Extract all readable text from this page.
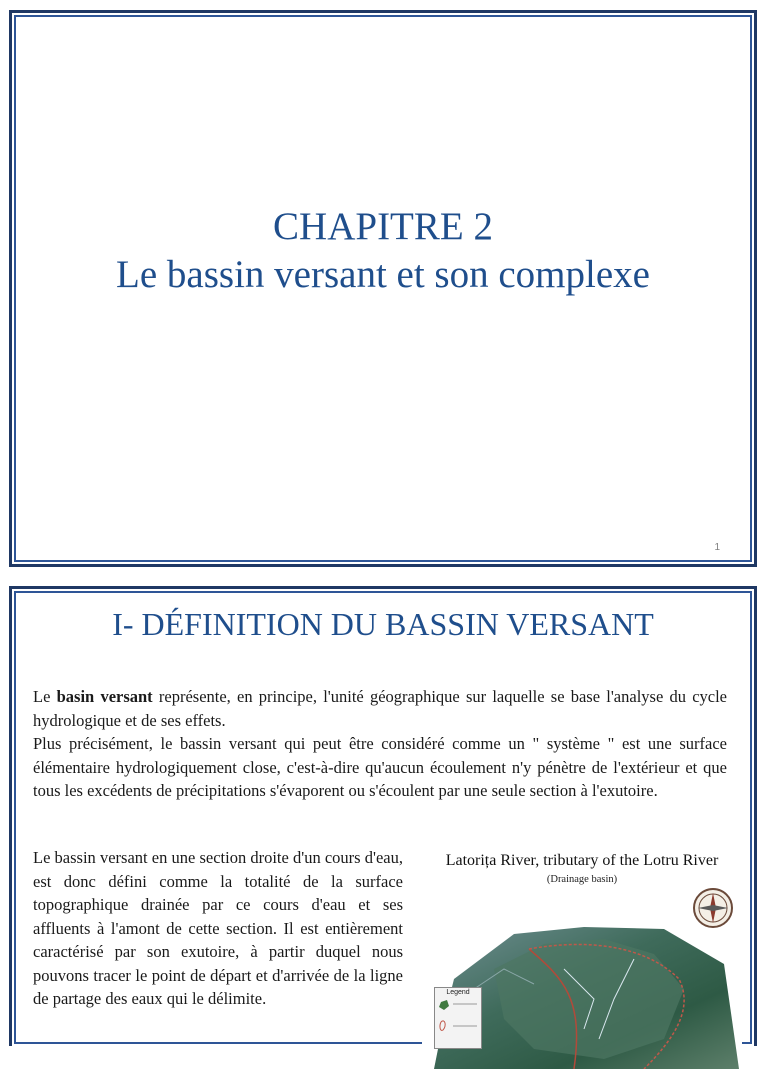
CHAPITRE 2
Le bassin versant et son complexe
1
I- DÉFINITION DU BASSIN VERSANT

Le basin versant représente, en principe, l'unité géographique sur laquelle se base l'analyse du cycle hydrologique et de ses effets.
Plus précisément, le bassin versant qui peut être considéré comme un " système " est une surface élémentaire hydrologiquement close, c'est-à-dire qu'aucun écoulement n'y pénètre de l'extérieur et que tous les excédents de précipitations s'évaporent ou s'écoulent par une seule section à l'exutoire.

Le bassin versant en une section droite d'un cours d'eau, est donc défini comme la totalité de la surface topographique drainée par ce cours d'eau et ses affluents à l'amont de cette section. Il est entièrement caractérisé par son exutoire, à partir duquel nous pouvons tracer le point de départ et d'arrivée de la ligne de partage des eaux qui le délimite.

Latorița River, tributary of the Lotru River
(Drainage basin)
Legend
